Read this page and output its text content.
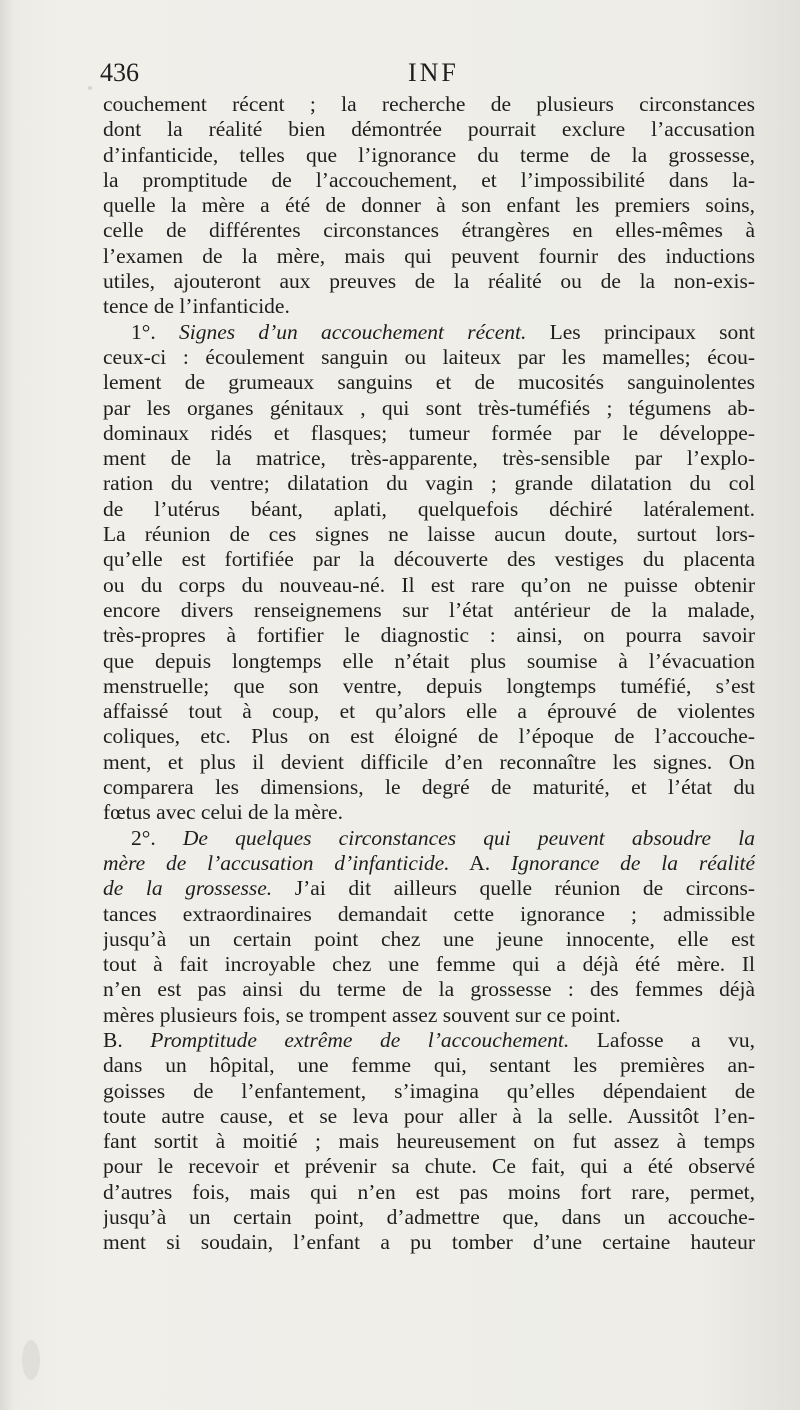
436	INF
couchement récent ; la recherche de plusieurs circonstances
dont la réalité bien démontrée pourrait exclure l’accusation
d’infanticide, telles que l’ignorance du terme de la grossesse,
la promptitude de l’accouchement, et l’impossibilité dans la-
quelle la mère a été de donner à son enfant les premiers soins,
celle de différentes circonstances étrangères en elles-mêmes à
l’examen de la mère, mais qui peuvent fournir des inductions
utiles, ajouteront aux preuves de la réalité ou de la non-exis-
tence de l’infanticide.
1°. Signes d’un accouchement récent. Les principaux sont
ceux-ci : écoulement sanguin ou laiteux par les mamelles; écou-
lement de grumeaux sanguins et de mucosités sanguinolentes
par les organes génitaux , qui sont très-tuméfiés ; tégumens ab-
dominaux ridés et flasques; tumeur formée par le développe-
ment de la matrice, très-apparente, très-sensible par l’explo-
ration du ventre; dilatation du vagin ; grande dilatation du col
de l’utérus béant, aplati, quelquefois déchiré latéralement.
La réunion de ces signes ne laisse aucun doute, surtout lors-
qu’elle est fortifiée par la découverte des vestiges du placenta
ou du corps du nouveau-né. Il est rare qu’on ne puisse obtenir
encore divers renseignemens sur l’état antérieur de la malade,
très-propres à fortifier le diagnostic : ainsi, on pourra savoir
que depuis longtemps elle n’était plus soumise à l’évacuation
menstruelle; que son ventre, depuis longtemps tuméfié, s’est
affaissé tout à coup, et qu’alors elle a éprouvé de violentes
coliques, etc. Plus on est éloigné de l’époque de l’accouche-
ment, et plus il devient difficile d’en reconnaître les signes. On
comparera les dimensions, le degré de maturité, et l’état du
fœtus avec celui de la mère.
2°. De quelques circonstances qui peuvent absoudre la
mère de l’accusation d’infanticide. A. Ignorance de la réalité
de la grossesse. J’ai dit ailleurs quelle réunion de circons-
tances extraordinaires demandait cette ignorance ; admissible
jusqu’à un certain point chez une jeune innocente, elle est
tout à fait incroyable chez une femme qui a déjà été mère. Il
n’en est pas ainsi du terme de la grossesse : des femmes déjà
mères plusieurs fois, se trompent assez souvent sur ce point.
B. Promptitude extrême de l’accouchement. Lafosse a vu,
dans un hôpital, une femme qui, sentant les premières an-
goisses de l’enfantement, s’imagina qu’elles dépendaient de
toute autre cause, et se leva pour aller à la selle. Aussitôt l’en-
fant sortit à moitié ; mais heureusement on fut assez à temps
pour le recevoir et prévenir sa chute. Ce fait, qui a été observé
d’autres fois, mais qui n’en est pas moins fort rare, permet,
jusqu’à un certain point, d’admettre que, dans un accouche-
ment si soudain, l’enfant a pu tomber d’une certaine hauteur
